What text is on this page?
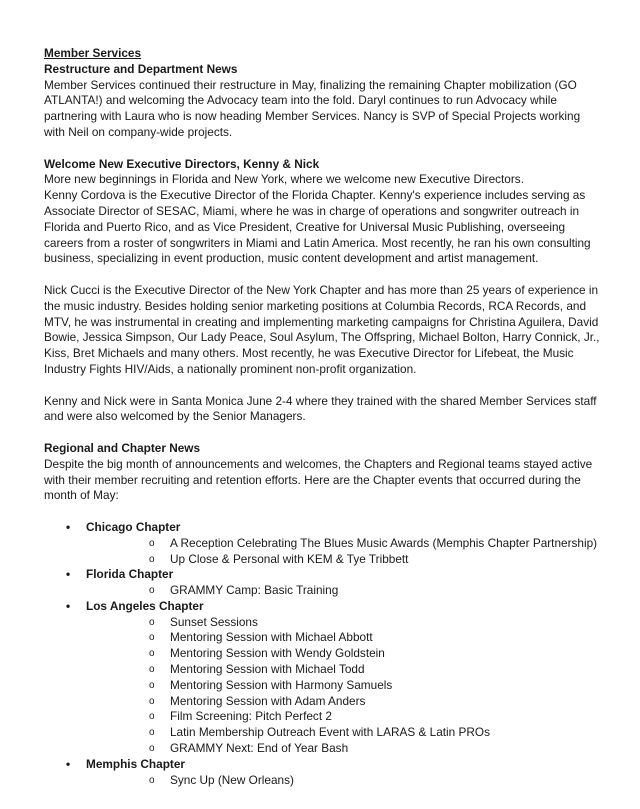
Member Services

Restructure and Department News

Member Services continued their restructure in May, finalizing the remaining Chapter mobilization (GO ATLANTA!) and welcoming the Advocacy team into the fold. Daryl continues to run Advocacy while partnering with Laura who is now heading Member Services. Nancy is SVP of Special Projects working with Neil on company-wide projects.

Welcome New Executive Directors, Kenny & Nick

More new beginnings in Florida and New York, where we welcome new Executive Directors.

Kenny Cordova is the Executive Director of the Florida Chapter. Kenny's experience includes serving as Associate Director of SESAC, Miami, where he was in charge of operations and songwriter outreach in Florida and Puerto Rico, and as Vice President, Creative for Universal Music Publishing, overseeing careers from a roster of songwriters in Miami and Latin America. Most recently, he ran his own consulting business, specializing in event production, music content development and artist management.

Nick Cucci is the Executive Director of the New York Chapter and has more than 25 years of experience in the music industry. Besides holding senior marketing positions at Columbia Records, RCA Records, and MTV, he was instrumental in creating and implementing marketing campaigns for Christina Aguilera, David Bowie, Jessica Simpson, Our Lady Peace, Soul Asylum, The Offspring, Michael Bolton, Harry Connick, Jr., Kiss, Bret Michaels and many others. Most recently, he was Executive Director for Lifebeat, the Music Industry Fights HIV/Aids, a nationally prominent non-profit organization.

Kenny and Nick were in Santa Monica June 2-4 where they trained with the shared Member Services staff and were also welcomed by the Senior Managers.

Regional and Chapter News

Despite the big month of announcements and welcomes, the Chapters and Regional teams stayed active with their member recruiting and retention efforts. Here are the Chapter events that occurred during the month of May:

• Chicago Chapter
o A Reception Celebrating The Blues Music Awards (Memphis Chapter Partnership)
o Up Close & Personal with KEM & Tye Tribbett
• Florida Chapter
o GRAMMY Camp: Basic Training
• Los Angeles Chapter
o Sunset Sessions
o Mentoring Session with Michael Abbott
o Mentoring Session with Wendy Goldstein
o Mentoring Session with Michael Todd
o Mentoring Session with Harmony Samuels
o Mentoring Session with Adam Anders
o Film Screening: Pitch Perfect 2
o Latin Membership Outreach Event with LARAS & Latin PROs
o GRAMMY Next: End of Year Bash
• Memphis Chapter
o Sync Up (New Orleans)
